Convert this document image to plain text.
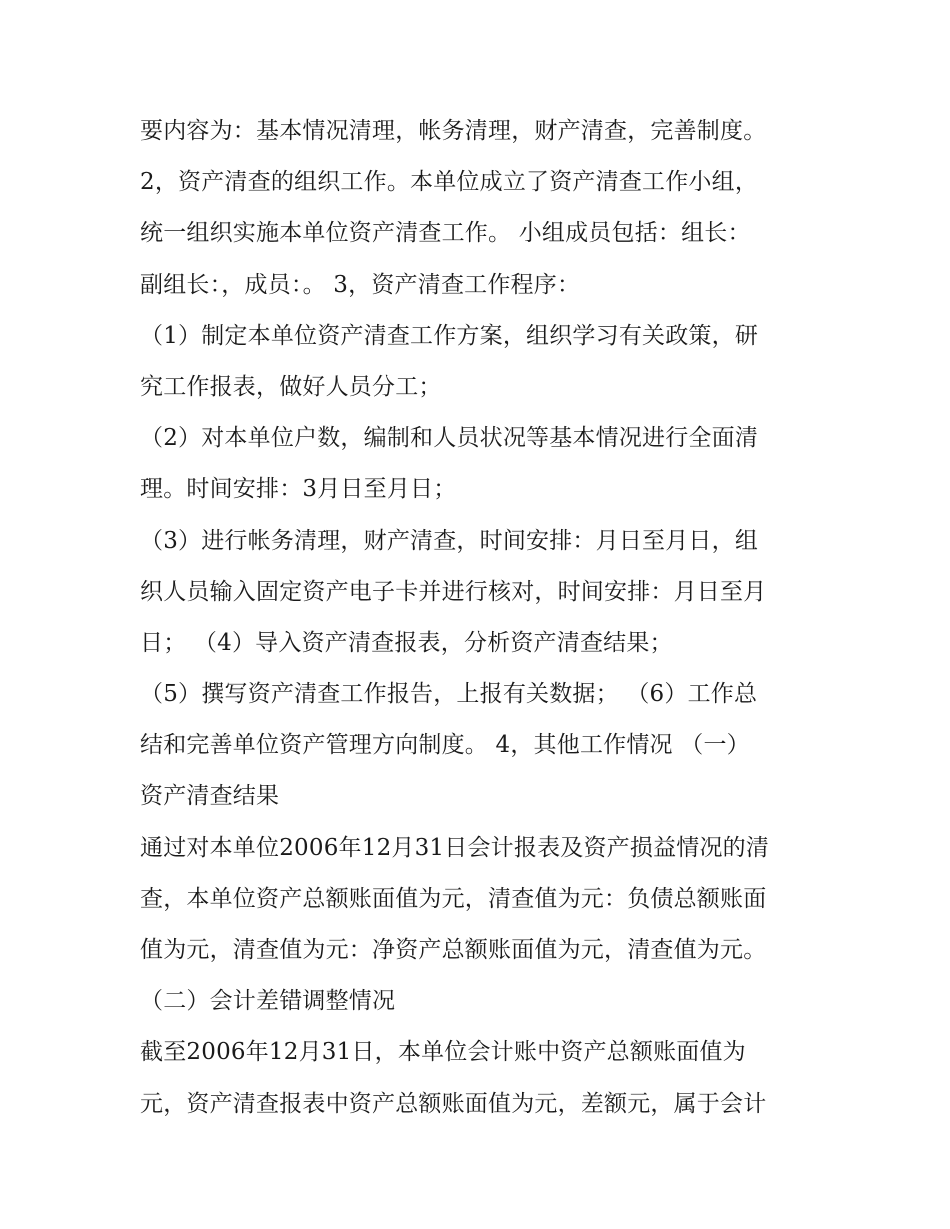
要内容为：基本情况清理，帐务清理，财产清查，完善制度。
2，资产清查的组织工作。本单位成立了资产清查工作小组，
统一组织实施本单位资产清查工作。 小组成员包括：组长：
副组长：，成员：。 3，资产清查工作程序：
（1）制定本单位资产清查工作方案，组织学习有关政策，研
究工作报表，做好人员分工；
（2）对本单位户数，编制和人员状况等基本情况进行全面清
理。时间安排：3月日至月日；
（3）进行帐务清理，财产清查，时间安排：月日至月日，组
织人员输入固定资产电子卡并进行核对，时间安排：月日至月
日； （4）导入资产清查报表，分析资产清查结果；
（5）撰写资产清查工作报告，上报有关数据； （6）工作总
结和完善单位资产管理方向制度。 4，其他工作情况 （一）
资产清查结果
通过对本单位2006年12月31日会计报表及资产损益情况的清
查，本单位资产总额账面值为元，清查值为元：负债总额账面
值为元，清查值为元：净资产总额账面值为元，清查值为元。
（二）会计差错调整情况
截至2006年12月31日，本单位会计账中资产总额账面值为
元，资产清查报表中资产总额账面值为元，差额元，属于会计
